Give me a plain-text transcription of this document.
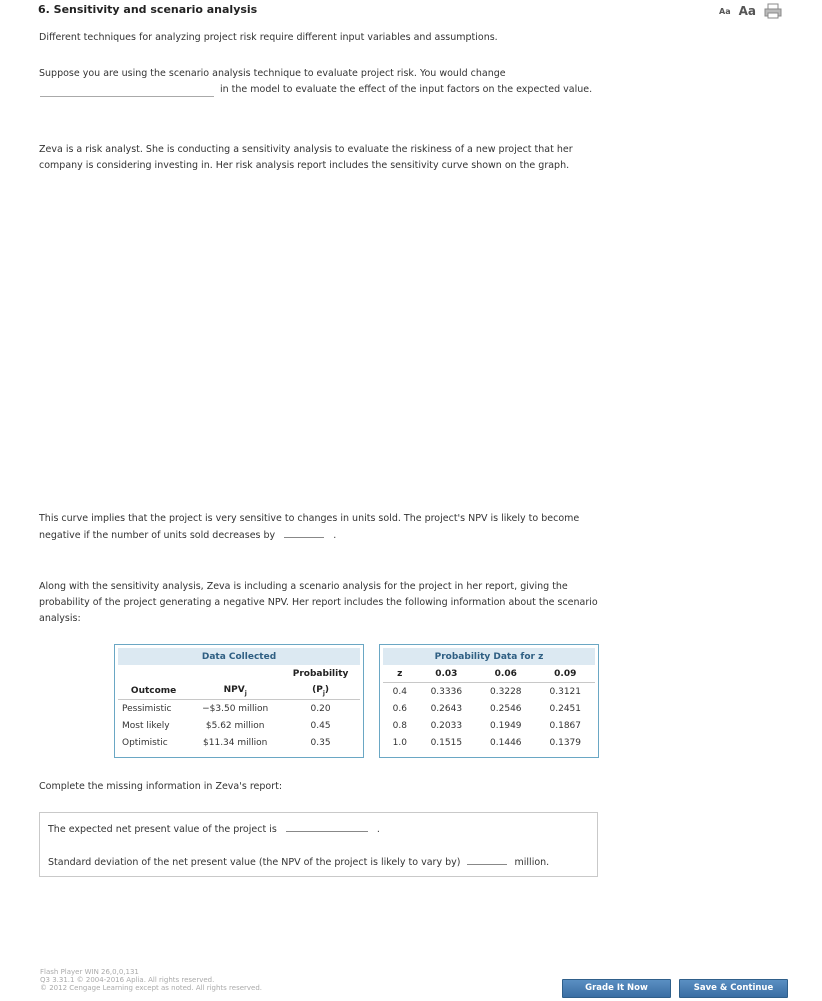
6. Sensitivity and scenario analysis	Aa Aa
Different techniques for analyzing project risk require different input variables and assumptions.
Suppose you are using the scenario analysis technique to evaluate project risk. You would change
in the model to evaluate the effect of the input factors on the expected value.
Zeva is a risk analyst. She is conducting a sensitivity analysis to evaluate the riskiness of a new project that her
company is considering investing in. Her risk analysis report includes the sensitivity curve shown on the graph.
This curve implies that the project is very sensitive to changes in units sold. The project's NPV is likely to become
negative if the number of units sold decreases by	.
Along with the sensitivity analysis, Zeva is including a scenario analysis for the project in her report, giving the
probability of the project generating a negative NPV. Her report includes the following information about the scenario
analysis:
Data Collected		
		Probability
Outcome	$NPV_j$	$(P_j)$
Pessimistic	−$3.50 million	0.20
Most likely	$5.62 million	0.45
Optimistic	$11.34 million	0.35
Probability Data for z			
z	0.03	0.06	0.09
0.4	0.3336	0.3228	0.3121
0.6	0.2643	0.2546	0.2451
0.8	0.2033	0.1949	0.1867
1.0	0.1515	0.1446	0.1379
Complete the missing information in Zeva's report:
The expected net present value of the project is	.
Standard deviation of the net present value (the NPV of the project is likely to vary by)	million.
Flash Player WIN 26,0,0,131
Q3 3.31.1 © 2004-2016 Aplia. All rights reserved.
© 2012 Cengage Learning except as noted. All rights reserved.	Grade It Now	Save & Continue
